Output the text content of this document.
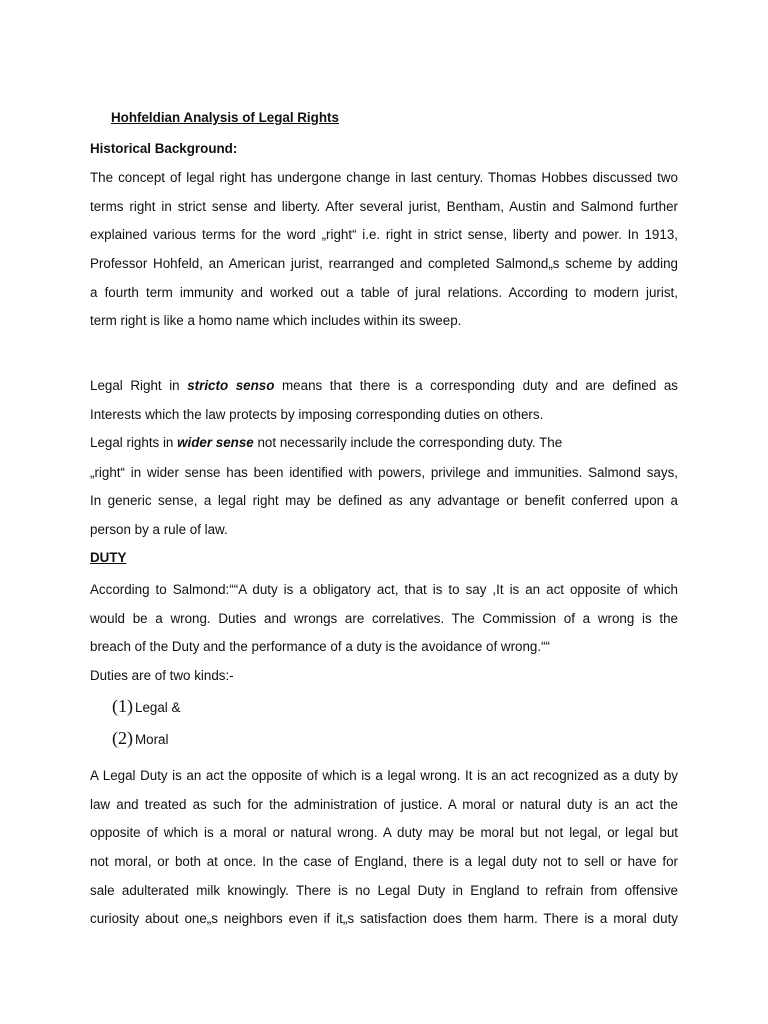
Hohfeldian Analysis of Legal Rights
Historical Background:
The concept of legal right has undergone change in last century. Thomas Hobbes discussed two
terms right in strict sense and liberty. After several jurist, Bentham, Austin and Salmond further
explained various terms for the word „right“ i.e. right in strict sense, liberty and power. In 1913,
Professor Hohfeld, an American jurist, rearranged and completed Salmond„s scheme by adding
a fourth term immunity and worked out a table of jural relations. According to modern jurist,
term right is like a homo name which includes within its sweep.
Legal Right in stricto senso means that there is a corresponding duty and are defined as
Interests which the law protects by imposing corresponding duties on others.
Legal rights in wider sense not necessarily include the corresponding duty. The
„right“ in wider sense has been identified with powers, privilege and immunities. Salmond says,
In generic sense, a legal right may be defined as any advantage or benefit conferred upon a
person by a rule of law.
DUTY
According to Salmond:““A duty is a obligatory act, that is to say ,It is an act opposite of which
would be a wrong. Duties and wrongs are correlatives. The Commission of a wrong is the
breach of the Duty and the performance of a duty is the avoidance of wrong.““
Duties are of two kinds:-
(1) Legal &
(2) Moral
A Legal Duty is an act the opposite of which is a legal wrong. It is an act recognized as a duty by
law and treated as such for the administration of justice. A moral or natural duty is an act the
opposite of which is a moral or natural wrong. A duty may be moral but not legal, or legal but
not moral, or both at once. In the case of England, there is a legal duty not to sell or have for
sale adulterated milk knowingly. There is no Legal Duty in England to refrain from offensive
curiosity about one„s neighbors even if it„s satisfaction does them harm. There is a moral duty
